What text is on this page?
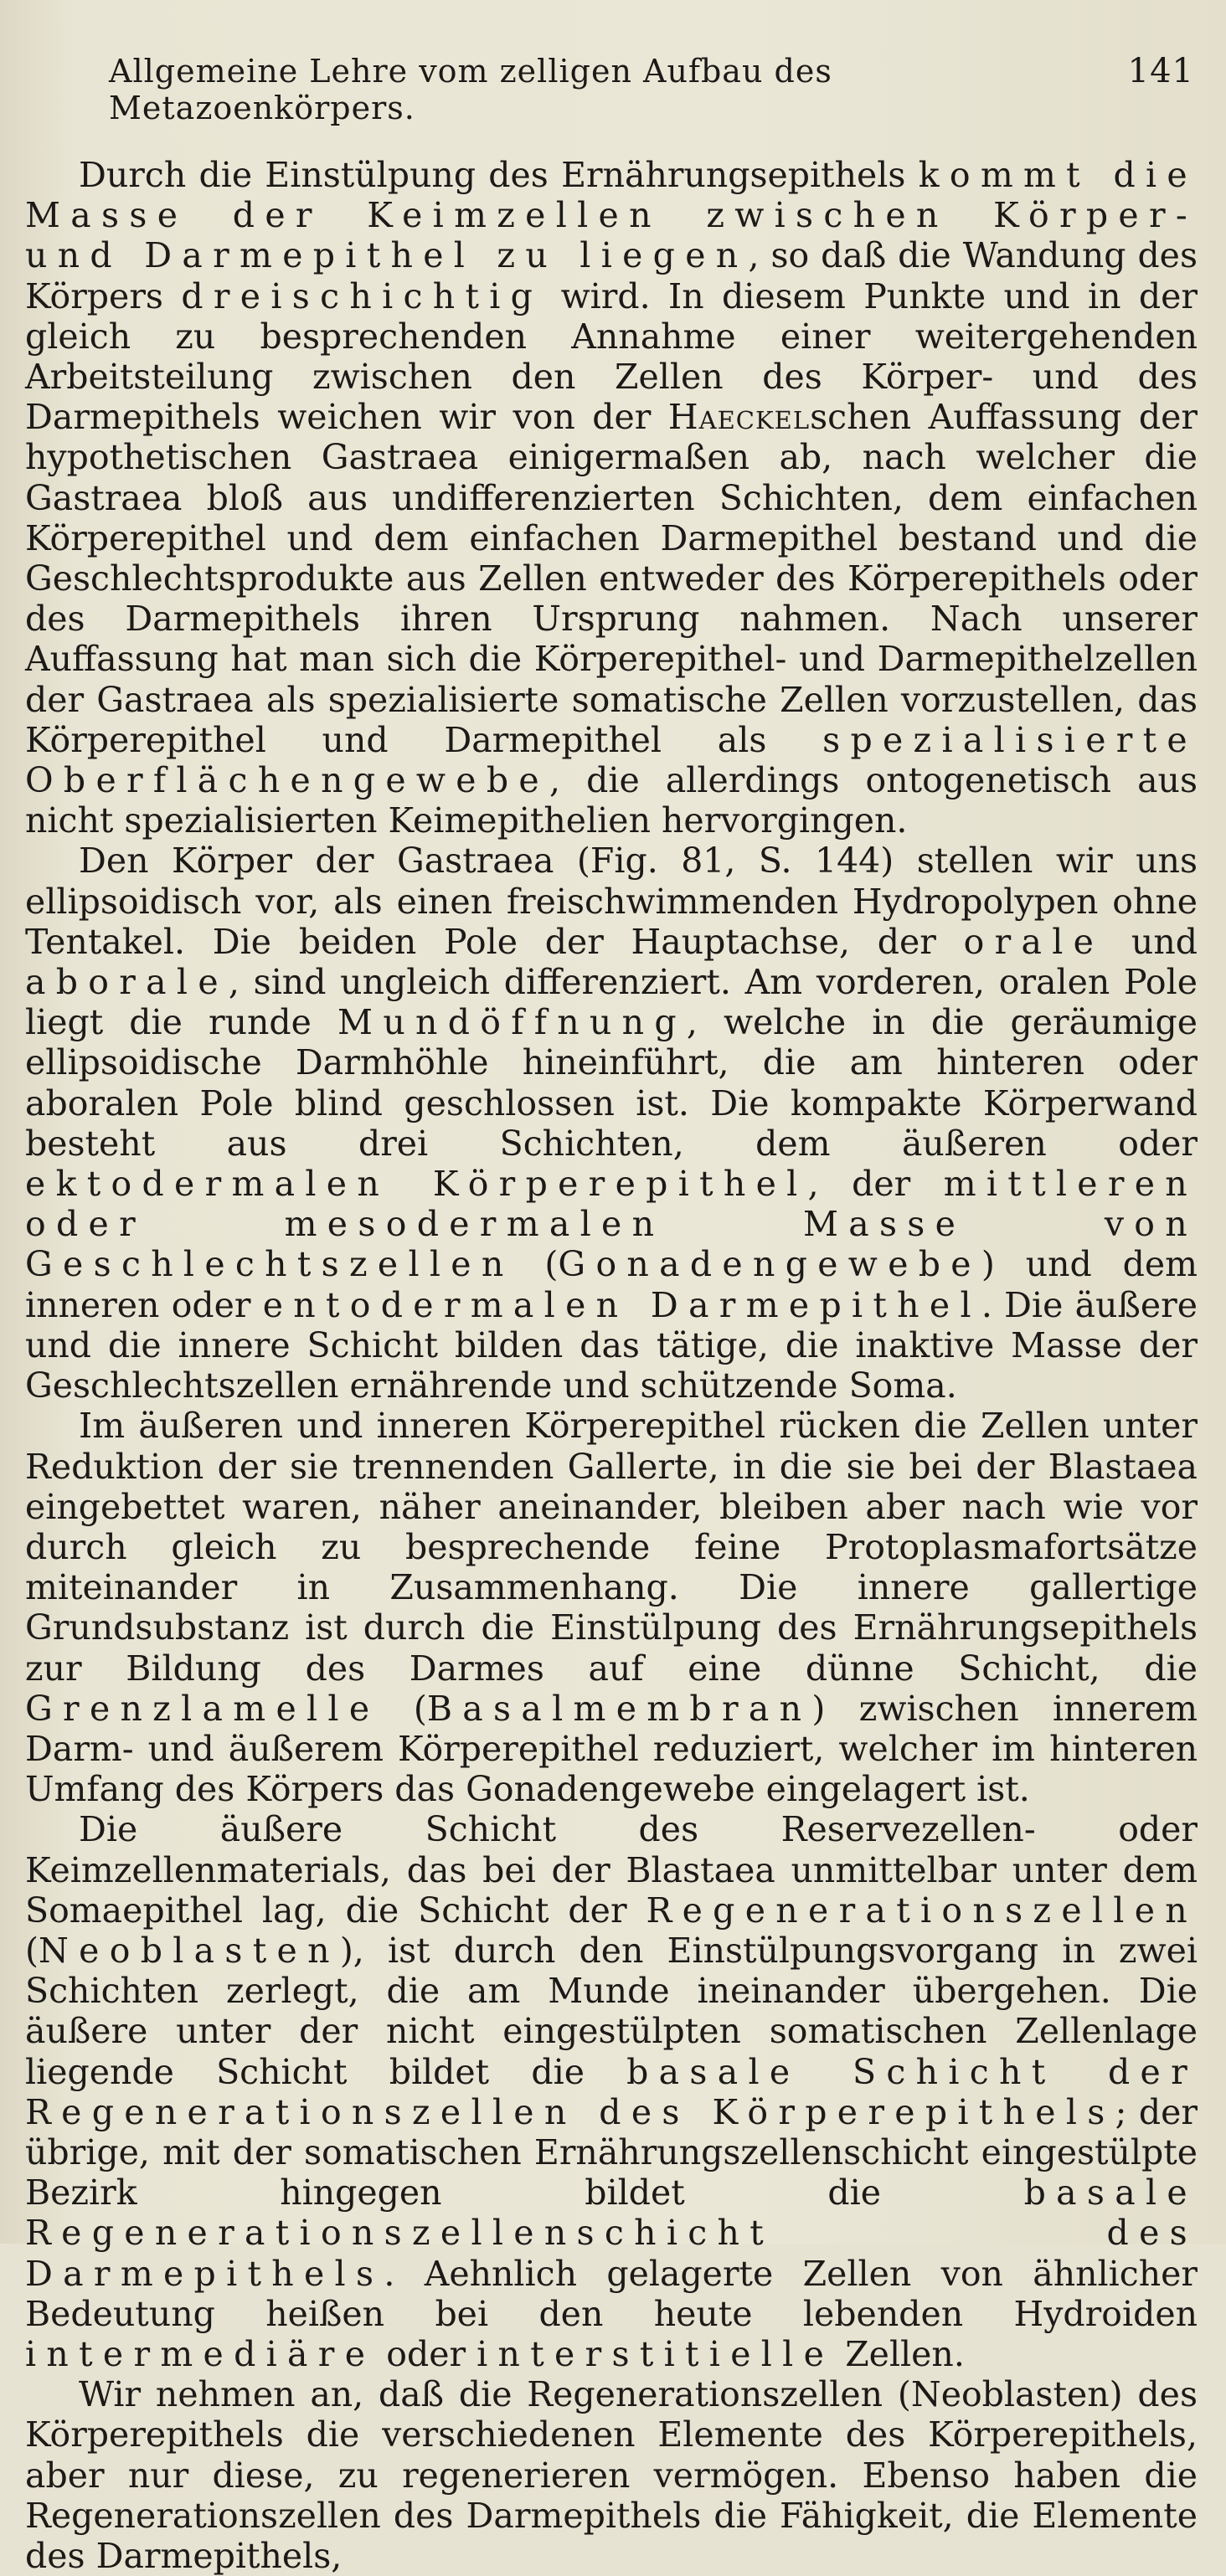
Allgemeine Lehre vom zelligen Aufbau des Metazoenkörpers.
141

Durch die Einstülpung des Ernährungsepithels kommt die Masse der Keimzellen zwischen Körper- und Darmepithel zu liegen, so daß die Wandung des Körpers dreischichtig wird. In diesem Punkte und in der gleich zu besprechenden Annahme einer weitergehenden Arbeitsteilung zwischen den Zellen des Körper- und des Darmepithels weichen wir von der Haeckelschen Auffassung der hypothetischen Gastraea einigermaßen ab, nach welcher die Gastraea bloß aus undifferenzierten Schichten, dem einfachen Körperepithel und dem einfachen Darmepithel bestand und die Geschlechtsprodukte aus Zellen entweder des Körperepithels oder des Darmepithels ihren Ursprung nahmen. Nach unserer Auffassung hat man sich die Körperepithel- und Darmepithelzellen der Gastraea als spezialisierte somatische Zellen vorzustellen, das Körperepithel und Darmepithel als spezialisierte Oberflächengewebe, die allerdings ontogenetisch aus nicht spezialisierten Keimepithelien hervorgingen.

Den Körper der Gastraea (Fig. 81, S. 144) stellen wir uns ellipsoidisch vor, als einen freischwimmenden Hydropolypen ohne Tentakel. Die beiden Pole der Hauptachse, der orale und aborale, sind ungleich differenziert. Am vorderen, oralen Pole liegt die runde Mundöffnung, welche in die geräumige ellipsoidische Darmhöhle hineinführt, die am hinteren oder aboralen Pole blind geschlossen ist. Die kompakte Körperwand besteht aus drei Schichten, dem äußeren oder ektodermalen Körperepithel, der mittleren oder mesodermalen Masse von Geschlechtszellen (Gonadengewebe) und dem inneren oder entodermalen Darmepithel. Die äußere und die innere Schicht bilden das tätige, die inaktive Masse der Geschlechtszellen ernährende und schützende Soma.

Im äußeren und inneren Körperepithel rücken die Zellen unter Reduktion der sie trennenden Gallerte, in die sie bei der Blastaea eingebettet waren, näher aneinander, bleiben aber nach wie vor durch gleich zu besprechende feine Protoplasmafortsätze miteinander in Zusammenhang. Die innere gallertige Grundsubstanz ist durch die Einstülpung des Ernährungsepithels zur Bildung des Darmes auf eine dünne Schicht, die Grenzlamelle (Basalmembran) zwischen innerem Darm- und äußerem Körperepithel reduziert, welcher im hinteren Umfang des Körpers das Gonadengewebe eingelagert ist.

Die äußere Schicht des Reservezellen- oder Keimzellenmaterials, das bei der Blastaea unmittelbar unter dem Somaepithel lag, die Schicht der Regenerationszellen (Neoblasten), ist durch den Einstülpungsvorgang in zwei Schichten zerlegt, die am Munde ineinander übergehen. Die äußere unter der nicht eingestülpten somatischen Zellenlage liegende Schicht bildet die basale Schicht der Regenerationszellen des Körperepithels; der übrige, mit der somatischen Ernährungszellenschicht eingestülpte Bezirk hingegen bildet die basale Regenerationszellenschicht des Darmepithels. Aehnlich gelagerte Zellen von ähnlicher Bedeutung heißen bei den heute lebenden Hydroiden intermediäre oder interstitielle Zellen.

Wir nehmen an, daß die Regenerationszellen (Neoblasten) des Körperepithels die verschiedenen Elemente des Körperepithels, aber nur diese, zu regenerieren vermögen. Ebenso haben die Regenerationszellen des Darmepithels die Fähigkeit, die Elemente des Darmepithels,
